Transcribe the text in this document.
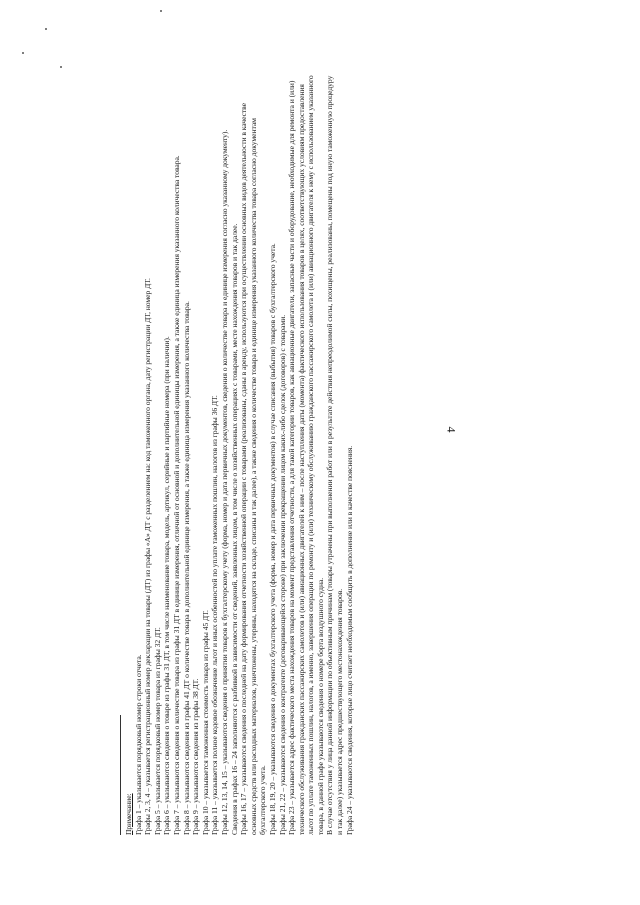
4

Примечание: Графа 1 – указывается порядковый номер строки отчета. Графы 2, 3, 4 – указывается регистрационный номер декларации на товары (ДТ) из графы «А» ДТ с разделением на: код таможенного органа, дату регистрации ДТ, номер ДТ. Графа 5 – указывается порядковый номер товара из графы 32 ДТ. Графа 6 – указываются сведения о товаре из графы 31 ДТ, в том числе наименование товара, модель, артикул, серийные и партийные номера (при наличии). Графа 7 – указываются сведения о количестве товара из графы 31 ДТ в единице измерения, отличной от основной и дополнительной единицы измерения, а также единица измерения указанного количества товара. Графа 8 – указываются сведения из графы 41 ДТ о количестве товара в дополнительной единице измерения, а также единица измерения указанного количества товара. Графа 9 – указываются сведения из графы 38 ДТ. Графа 10 – указывается таможенная стоимость товара из графы 45 ДТ. Графа 11 – указывается полное кодовое обозначение льгот и иных особенностей по уплате таможенных пошлин, налогов из графы 36 ДТ. Графы 12, 13, 14, 15 – указываются сведения о принятии товаров к бухгалтерскому учету (форма, номер и дата первичных документов, сведения о количестве товара и единице измерения согласно указанному документу). Сведения в графах 16 – 24 заполняются с разбивкой в зависимости от сведений, заявленных лицом, в том числе о хозяйственных операциях с товарами, месте нахождения товаров и так далее. Графы 16, 17 – указываются сведения о последней на дату формирования отчетности хозяйственной операции с товарами (реализованы, сданы в аренду, используются при осуществлении основных видов деятельности в качестве основных средств или расходных материалов, уничтожены, утеряны, находятся на складе, списаны и так далее), а также сведения о количестве товара и единице измерения указанного количества товара согласно документам бухгалтерского учета. Графы 18, 19, 20 – указываются сведения о документах бухгалтерского учета (форма, номер и дата первичных документов) в случае списания (выбытия) товаров с бухгалтерского учета. Графы 21, 22 – указываются сведения о контрагенте (договаривающейся стороне) при заключении прекращении лицом каких-либо сделок (договоров) с товарами. Графа 23 – указывается адрес фактического места нахождения товаров на момент представления отчетности, а для такой категории товаров, как авиационные двигатели, запасные части и оборудование, необходимые для ремонта и (или) технического обслуживания гражданских пассажирских самолетов и (или) авиационных двигателей к ним – после наступления даты (момента) фактического использования товаров в целях, соответствующих условиям предоставления льгот по уплате таможенных пошлин, налогов, а именно, завершения операции по ремонту и (или) техническому обслуживанию гражданского пассажирского самолета и (или) авиационного двигателя к нему с использованием указанного товара, в данной графе указываются сведения о номере борта воздушного судна. В случае отсутствия у лица данной информации по объективным причинам (товары утрачены при выполнении работ или в результате действия непреодолимой силы, похищены, реализованы, помещены под иную таможенную процедуру и так далее) указывается адрес предшествующего местонахождения товаров. Графа 24 – указываются сведения, которые лицо считает необходимым сообщить в дополнение или в качестве пояснения.
